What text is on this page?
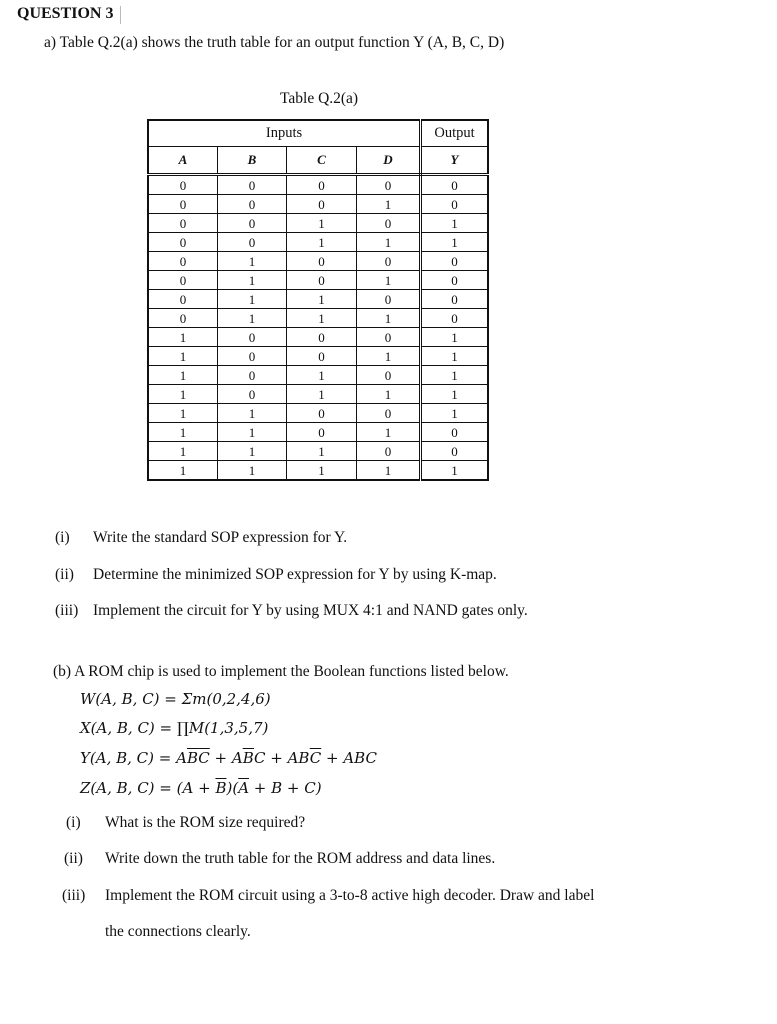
QUESTION 3
a) Table Q.2(a) shows the truth table for an output function Y (A, B, C, D)
Table Q.2(a)
Inputs				Output
A	B	C	D	Y
0	0	0	0	0
0	0	0	1	0
0	0	1	0	1
0	0	1	1	1
0	1	0	0	0
0	1	0	1	0
0	1	1	0	0
0	1	1	1	0
1	0	0	0	1
1	0	0	1	1
1	0	1	0	1
1	0	1	1	1
1	1	0	0	1
1	1	0	1	0
1	1	1	0	0
1	1	1	1	1
(i) Write the standard SOP expression for Y.
(ii) Determine the minimized SOP expression for Y by using K-map.
(iii) Implement the circuit for Y by using MUX 4:1 and NAND gates only.
(b) A ROM chip is used to implement the Boolean functions listed below.
W(A, B, C) = Σm(0,2,4,6)
X(A, B, C) = ∏M(1,3,5,7)
Y(A, B, $C) = A\overline{B}\overline{C} + A\overline{B}C + AB\overline{C}$ + ABC
Z(A, B, $C) = (A + \overline{B})(\overline{A} + B + C)$
(i) What is the ROM size required?
(ii) Write down the truth table for the ROM address and data lines.
(iii) Implement the ROM circuit using a 3-to-8 active high decoder. Draw and label
the connections clearly.
